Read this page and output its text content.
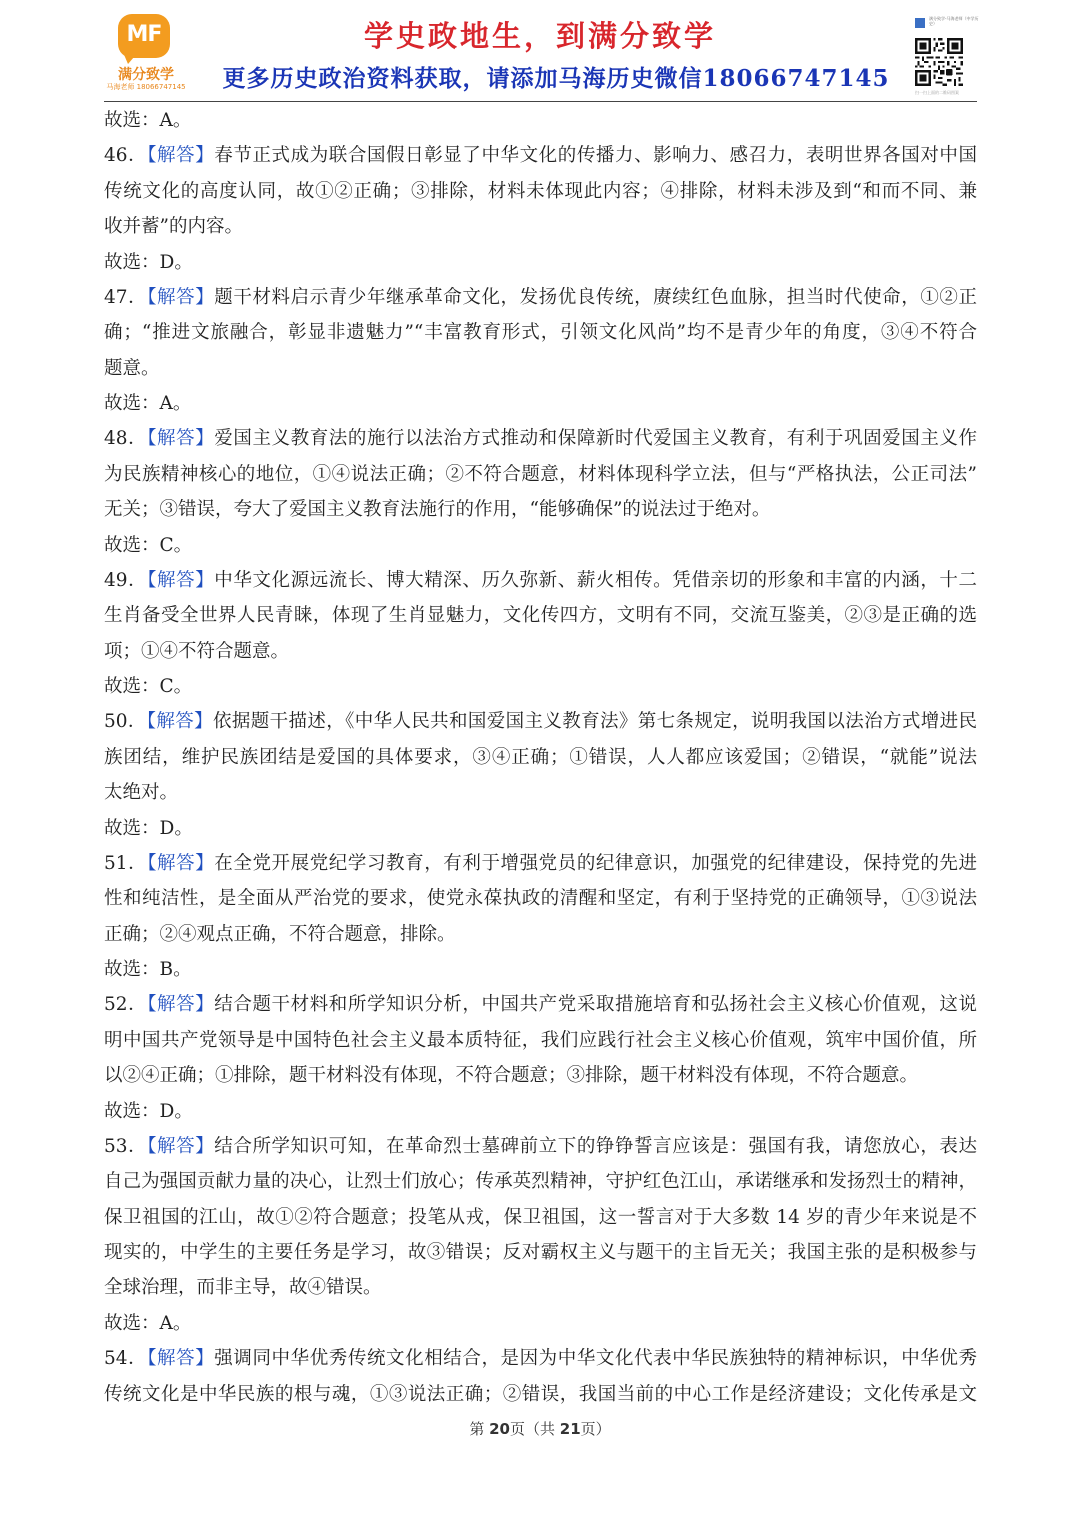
MF
满分致学
马海老师 18066747145
学史政地生，到满分致学
更多历史政治资料获取，请添加马海历史微信18066747145
满分致学-马海老师（中学历史）
扫一扫上面的二维码图案
故选：A。
46．【解答】春节正式成为联合国假日彰显了中华文化的传播力、影响力、感召力，表明世界各国对中国
传统文化的高度认同，故①②正确；③排除，材料未体现此内容；④排除，材料未涉及到“和而不同、兼
收并蓄”的内容。
故选：D。
47．【解答】题干材料启示青少年继承革命文化，发扬优良传统，赓续红色血脉，担当时代使命，①②正
确；“推进文旅融合，彰显非遗魅力”“丰富教育形式，引领文化风尚”均不是青少年的角度，③④不符合
题意。
故选：A。
48．【解答】爱国主义教育法的施行以法治方式推动和保障新时代爱国主义教育，有利于巩固爱国主义作
为民族精神核心的地位，①④说法正确；②不符合题意，材料体现科学立法，但与“严格执法，公正司法”
无关；③错误，夸大了爱国主义教育法施行的作用，“能够确保”的说法过于绝对。
故选：C。
49．【解答】中华文化源远流长、博大精深、历久弥新、薪火相传。凭借亲切的形象和丰富的内涵，十二
生肖备受全世界人民青睐，体现了生肖显魅力，文化传四方，文明有不同，交流互鉴美，②③是正确的选
项；①④不符合题意。
故选：C。
50．【解答】依据题干描述，《中华人民共和国爱国主义教育法》第七条规定，说明我国以法治方式增进民
族团结，维护民族团结是爱国的具体要求，③④正确；①错误，人人都应该爱国；②错误，“就能”说法
太绝对。
故选：D。
51．【解答】在全党开展党纪学习教育，有利于增强党员的纪律意识，加强党的纪律建设，保持党的先进
性和纯洁性，是全面从严治党的要求，使党永葆执政的清醒和坚定，有利于坚持党的正确领导，①③说法
正确；②④观点正确，不符合题意，排除。
故选：B。
52．【解答】结合题干材料和所学知识分析，中国共产党采取措施培育和弘扬社会主义核心价值观，这说
明中国共产党领导是中国特色社会主义最本质特征，我们应践行社会主义核心价值观，筑牢中国价值，所
以②④正确；①排除，题干材料没有体现，不符合题意；③排除，题干材料没有体现，不符合题意。
故选：D。
53．【解答】结合所学知识可知，在革命烈士墓碑前立下的铮铮誓言应该是：强国有我，请您放心，表达
自己为强国贡献力量的决心，让烈士们放心；传承英烈精神，守护红色江山，承诺继承和发扬烈士的精神，
保卫祖国的江山，故①②符合题意；投笔从戎，保卫祖国，这一誓言对于大多数 14 岁的青少年来说是不
现实的，中学生的主要任务是学习，故③错误；反对霸权主义与题干的主旨无关；我国主张的是积极参与
全球治理，而非主导，故④错误。
故选：A。
54．【解答】强调同中华优秀传统文化相结合，是因为中华文化代表中华民族独特的精神标识，中华优秀
传统文化是中华民族的根与魂，①③说法正确；②错误，我国当前的中心工作是经济建设；文化传承是文
第 20页（共 21页）
